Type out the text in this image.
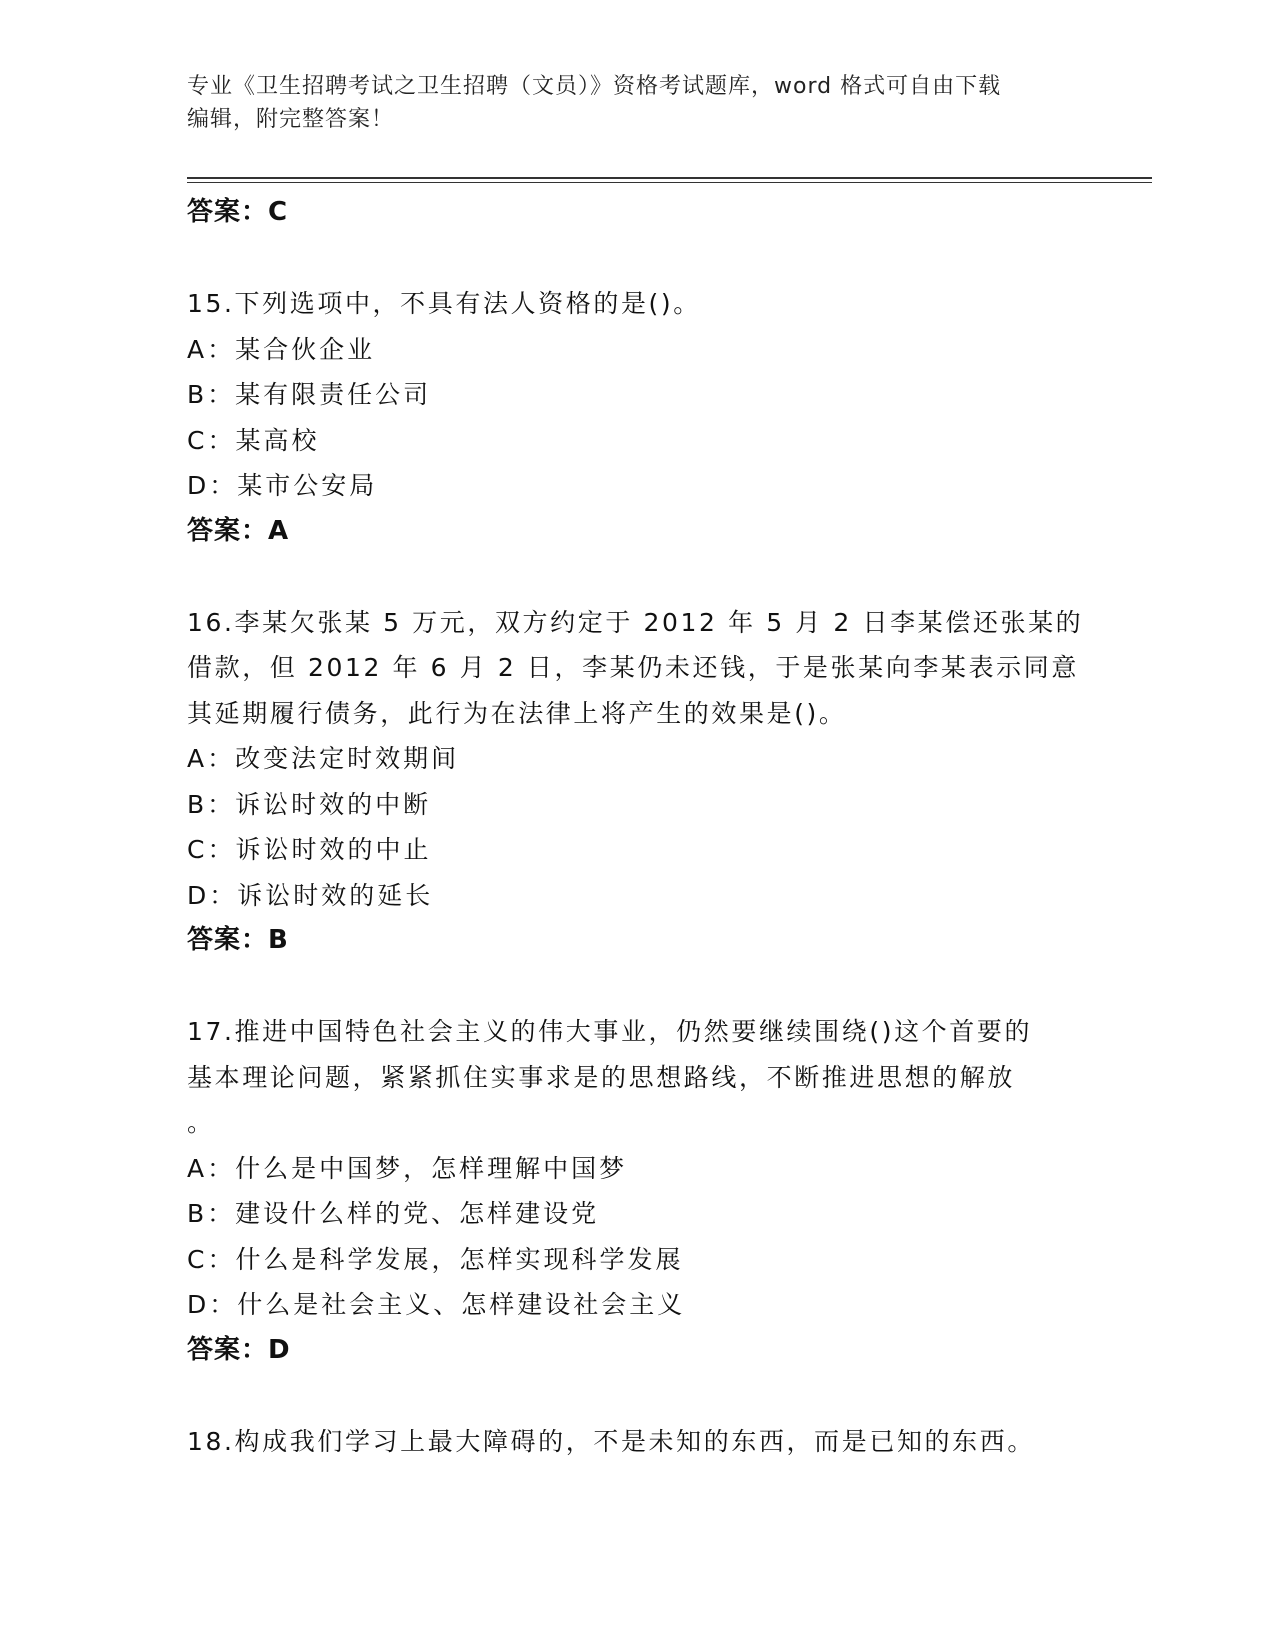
专业《卫生招聘考试之卫生招聘（文员）》资格考试题库，word 格式可自由下载
编辑，附完整答案！
答案：C
15.下列选项中，不具有法人资格的是()。
A：某合伙企业
B：某有限责任公司
C：某高校
D：某市公安局
答案：A
16.李某欠张某 5 万元，双方约定于 2012 年 5 月 2 日李某偿还张某的
借款，但 2012 年 6 月 2 日，李某仍未还钱，于是张某向李某表示同意
其延期履行债务，此行为在法律上将产生的效果是()。
A：改变法定时效期间
B：诉讼时效的中断
C：诉讼时效的中止
D：诉讼时效的延长
答案：B
17.推进中国特色社会主义的伟大事业，仍然要继续围绕()这个首要的
基本理论问题，紧紧抓住实事求是的思想路线，不断推进思想的解放
。
A：什么是中国梦，怎样理解中国梦
B：建设什么样的党、怎样建设党
C：什么是科学发展，怎样实现科学发展
D：什么是社会主义、怎样建设社会主义
答案：D
18.构成我们学习上最大障碍的，不是未知的东西，而是已知的东西。
